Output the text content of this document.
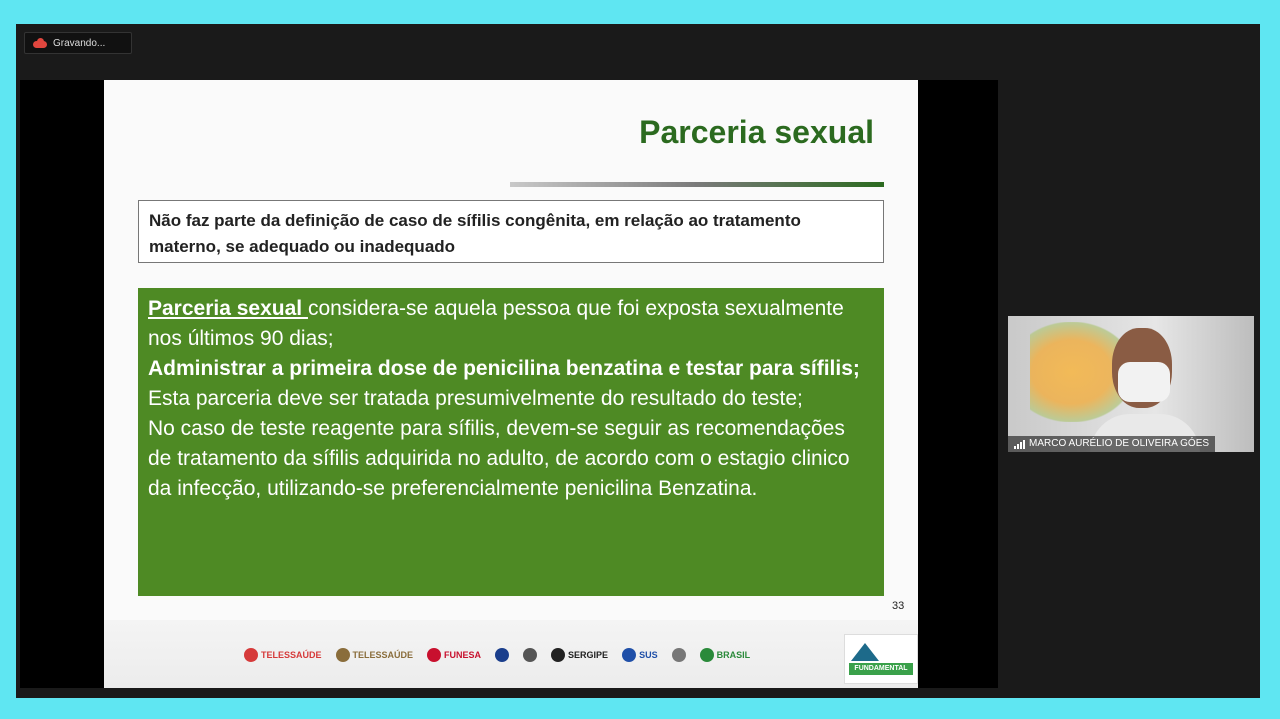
Gravando...
Parceria sexual
Não faz parte da definição de caso de sífilis congênita, em relação ao tratamento materno, se adequado ou inadequado
Parceria sexual considera-se aquela pessoa que foi exposta sexualmente nos últimos 90 dias;
Administrar a primeira dose de penicilina benzatina e testar para sífilis;
Esta parceria deve ser tratada presumivelmente do resultado do teste;
No caso de teste reagente para sífilis, devem-se seguir as recomendações de tratamento da sífilis adquirida no adulto, de acordo com o estagio clinico da infecção, utilizando-se preferencialmente penicilina Benzatina.
33
TELESSAÚDE	TELESSAÚDE	FUNESA	SERGIPE	SUS	BRASIL
FUNDAMENTAL
MARCO AURÉLIO DE OLIVEIRA GÓES
